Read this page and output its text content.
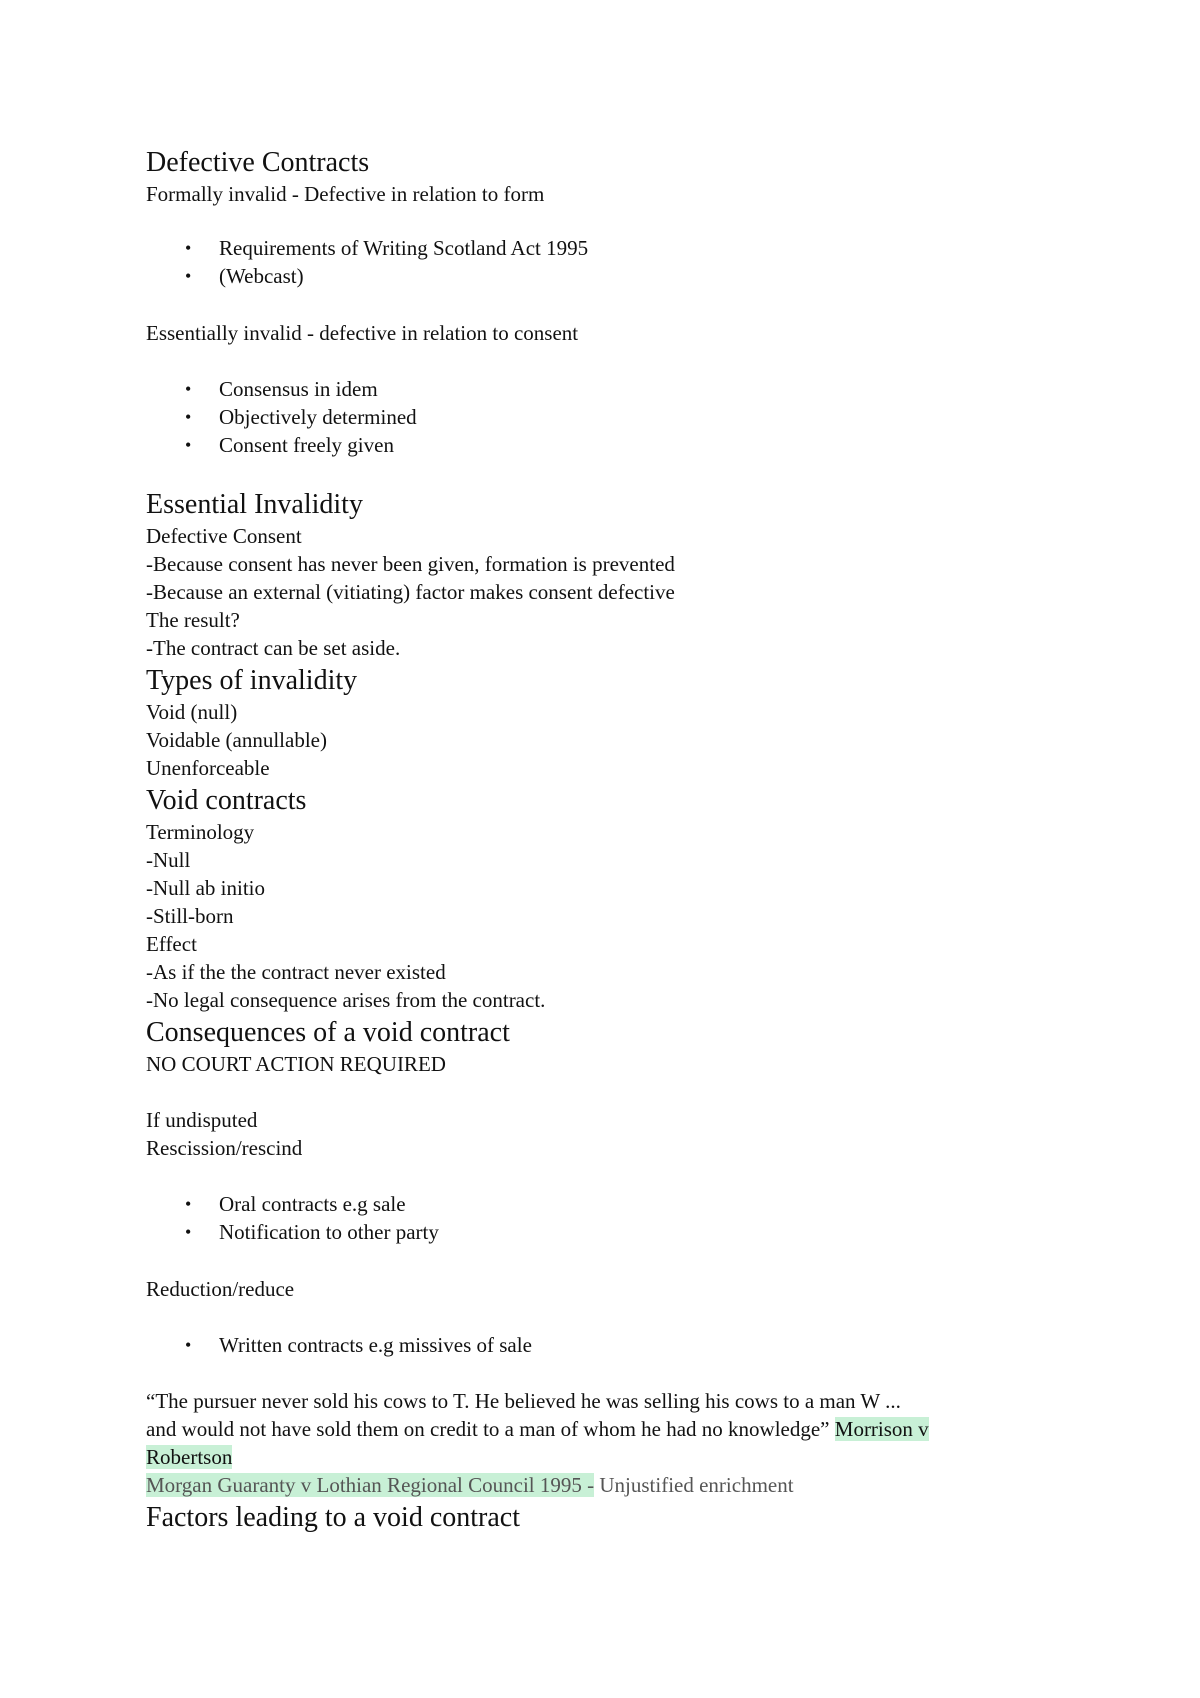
Defective Contracts
Formally invalid - Defective in relation to form
• Requirements of Writing Scotland Act 1995
• (Webcast)
Essentially invalid - defective in relation to consent
• Consensus in idem
• Objectively determined
• Consent freely given
Essential Invalidity
Defective Consent
-Because consent has never been given, formation is prevented
-Because an external (vitiating) factor makes consent defective
The result?
-The contract can be set aside.
Types of invalidity
Void (null)
Voidable (annullable)
Unenforceable
Void contracts
Terminology
-Null
-Null ab initio
-Still-born
Effect
-As if the the contract never existed
-No legal consequence arises from the contract.
Consequences of a void contract
NO COURT ACTION REQUIRED
If undisputed
Rescission/rescind
• Oral contracts e.g sale
• Notification to other party
Reduction/reduce
• Written contracts e.g missives of sale
“The pursuer never sold his cows to T. He believed he was selling his cows to a man W ...
and would not have sold them on credit to a man of whom he had no knowledge” Morrison v
Robertson
Morgan Guaranty v Lothian Regional Council 1995 - Unjustified enrichment
Factors leading to a void contract
